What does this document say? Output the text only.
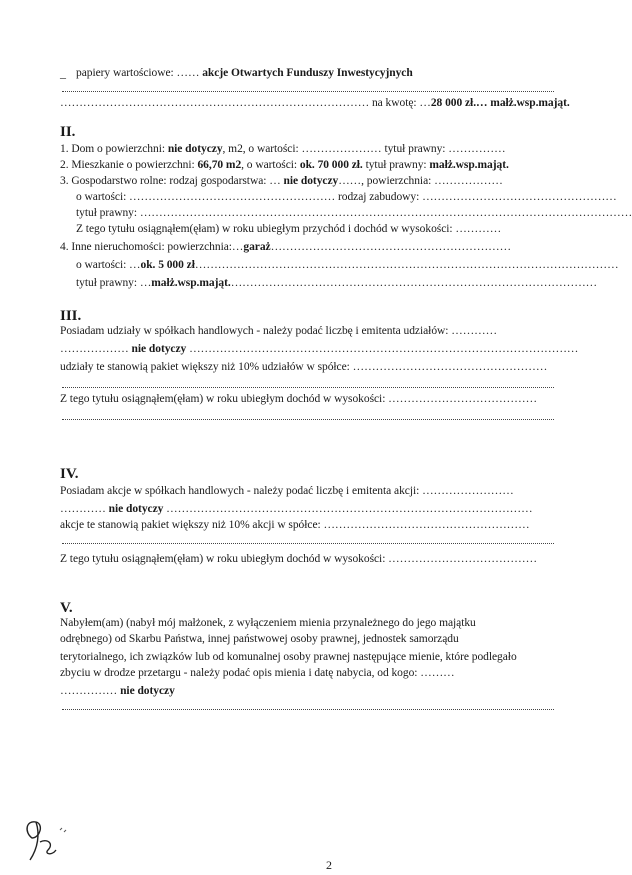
– papiery wartościowe: …… akcje Otwartych Funduszy Inwestycyjnych
……………………………………………………………………… na kwotę: …28 000 zł.… małż.wsp.mająt.
II.
1. Dom o powierzchni: nie dotyczy, m2, o wartości: ………………… tytuł prawny: ……………
2. Mieszkanie o powierzchni: 66,70 m2, o wartości: ok. 70 000 zł. tytuł prawny: małż.wsp.mająt.
3. Gospodarstwo rolne: rodzaj gospodarstwa: … nie dotyczy……, powierzchnia: ………………
o wartości: ……………………………………………… rodzaj zabudowy: ……………………………………………
tytuł prawny: …………………………………………………………………………………………………………………
Z tego tytułu osiągnąłem(ęłam) w roku ubiegłym przychód i dochód w wysokości: …………
4. Inne nieruchomości: powierzchnia:…garaż………………………………………………………
o wartości: …ok. 5 000 zł…………………………………………………………………………………………………
tytuł prawny: …małż.wsp.mająt.……………………………………………………………………………………
III.
Posiadam udziały w spółkach handlowych - należy podać liczbę i emitenta udziałów: …………
……………… nie dotyczy …………………………………………………………………………………………
udziały te stanowią pakiet większy niż 10% udziałów w spółce: ……………………………………………
Z tego tytułu osiągnąłem(ęłam) w roku ubiegłym dochód w wysokości: …………………………………
IV.
Posiadam akcje w spółkach handlowych - należy podać liczbę i emitenta akcji: ……………………
………… nie dotyczy ……………………………………………………………………………………
akcje te stanowią pakiet większy niż 10% akcji w spółce: ………………………………………………
Z tego tytułu osiągnąłem(ęłam) w roku ubiegłym dochód w wysokości: …………………………………
V.
Nabyłem(am) (nabył mój małżonek, z wyłączeniem mienia przynależnego do jego majątku
odrębnego) od Skarbu Państwa, innej państwowej osoby prawnej, jednostek samorządu
terytorialnego, ich związków lub od komunalnej osoby prawnej następujące mienie, które podlegało
zbyciu w drodze przetargu - należy podać opis mienia i datę nabycia, od kogo: ………
…………… nie dotyczy
2
